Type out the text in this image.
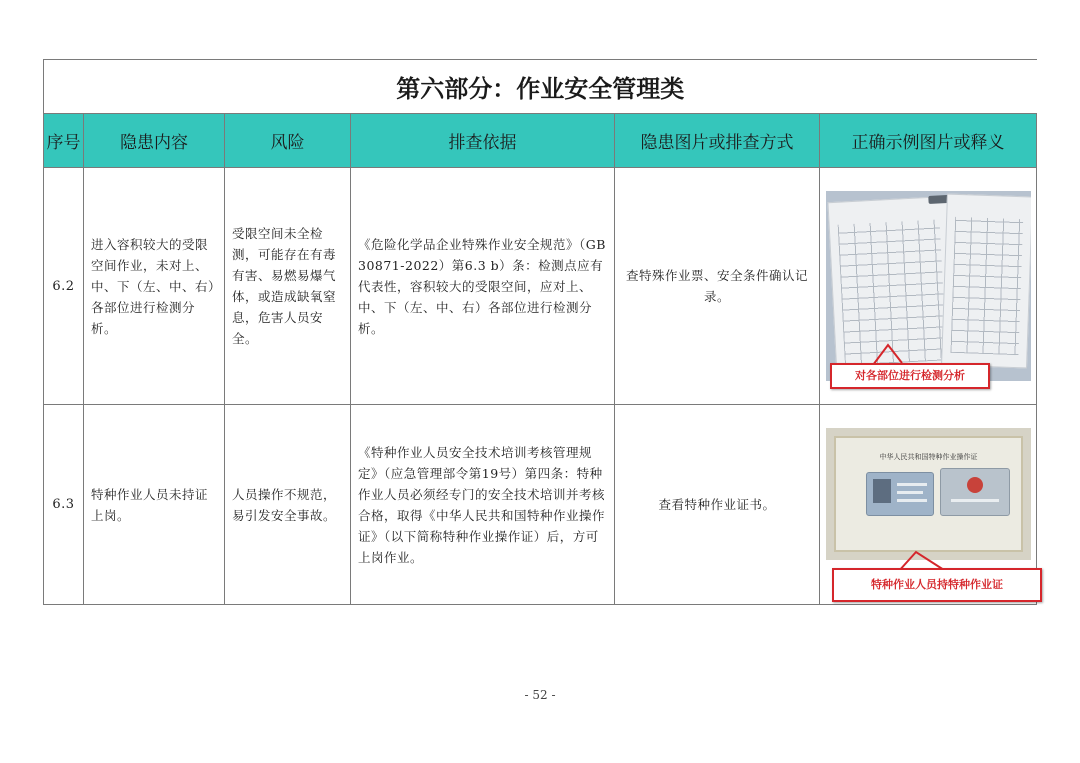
第六部分：作业安全管理类					
序号	隐患内容	风险	排查依据	隐患图片或排查方式	正确示例图片或释义
6.2	进入容积较大的受限空间作业，未对上、中、下（左、中、右）各部位进行检测分析。	受限空间未全检测，可能存在有毒有害、易燃易爆气体，或造成缺氧窒息，危害人员安全。	《危险化学品企业特殊作业安全规范》（GB 30871-2022）第6.3 b）条：检测点应有代表性，容积较大的受限空间，应对上、中、下（左、中、右）各部位进行检测分析。	查特殊作业票、安全条件确认记录。	对各部位进行检测分析

6.3	特种作业人员未持证上岗。	人员操作不规范，易引发安全事故。	《特种作业人员安全技术培训考核管理规定》（应急管理部令第19号）第四条：特种作业人员必须经专门的安全技术培训并考核合格，取得《中华人民共和国特种作业操作证》（以下简称特种作业操作证）后，方可上岗作业。	查看特种作业证书。	中华人民共和国特种作业操作证
特种作业人员持特种作业证
- 52 -
